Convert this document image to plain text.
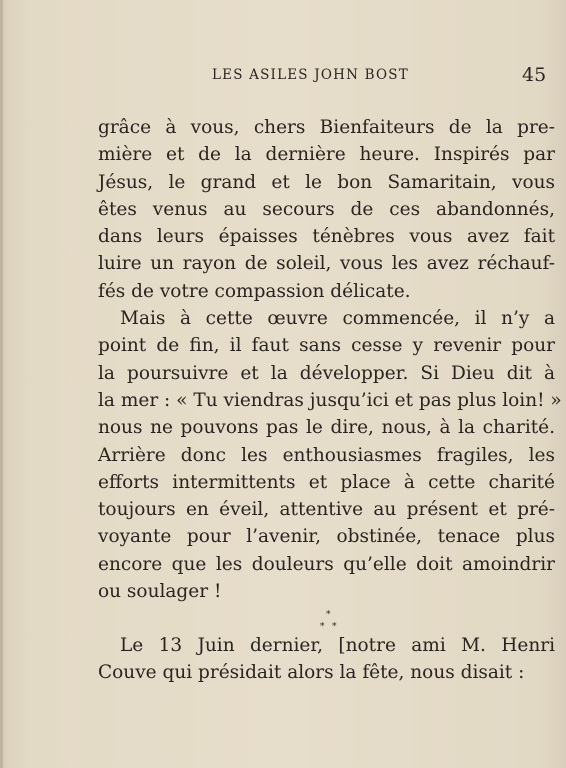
LES ASILES JOHN BOST	45
grâce à vous, chers Bienfaiteurs de la pre-
mière et de la dernière heure. Inspirés par
Jésus, le grand et le bon Samaritain, vous
êtes venus au secours de ces abandonnés,
dans leurs épaisses ténèbres vous avez fait
luire un rayon de soleil, vous les avez réchauf-
fés de votre compassion délicate.
Mais à cette œuvre commencée, il n’y a
point de fin, il faut sans cesse y revenir pour
la poursuivre et la développer. Si Dieu dit à
la mer : « Tu viendras jusqu’ici et pas plus loin! »
nous ne pouvons pas le dire, nous, à la charité.
Arrière donc les enthousiasmes fragiles, les
efforts intermittents et place à cette charité
toujours en éveil, attentive au présent et pré-
voyante pour l’avenir, obstinée, tenace plus
encore que les douleurs qu’elle doit amoindrir
ou soulager !
*
* *
Le 13 Juin dernier, [notre ami M. Henri
Couve qui présidait alors la fête, nous disait :
